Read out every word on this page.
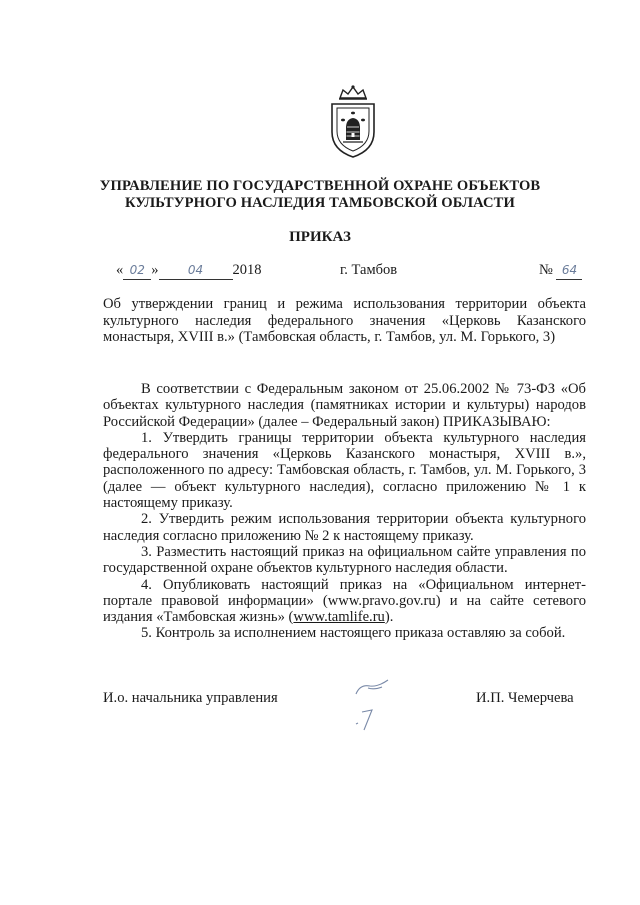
УПРАВЛЕНИЕ ПО ГОСУДАРСТВЕННОЙ ОХРАНЕ ОБЪЕКТОВ
КУЛЬТУРНОГО НАСЛЕДИЯ ТАМБОВСКОЙ ОБЛАСТИ
ПРИКАЗ
« 02 » 04 2018	г. Тамбов	№ 64

Об утверждении границ и режима использования территории объекта культурного наследия федерального значения «Церковь Казанского монастыря, XVIII в.» (Тамбовская область, г. Тамбов, ул. М. Горького, 3)

В соответствии с Федеральным законом от 25.06.2002 № 73-ФЗ «Об объектах культурного наследия (памятниках истории и культуры) народов Российской Федерации» (далее – Федеральный закон) ПРИКАЗЫВАЮ:

1. Утвердить границы территории объекта культурного наследия федерального значения «Церковь Казанского монастыря, XVIII в.», расположенного по адресу: Тамбовская область, г. Тамбов, ул. М. Горького, 3 (далее — объект культурного наследия), согласно приложению № 1 к настоящему приказу.

2. Утвердить режим использования территории объекта культурного наследия согласно приложению № 2 к настоящему приказу.

3. Разместить настоящий приказ на официальном сайте управления по государственной охране объектов культурного наследия области.

4. Опубликовать настоящий приказ на «Официальном интернет-портале правовой информации» (www.pravo.gov.ru) и на сайте сетевого издания «Тамбовская жизнь» (www.tamlife.ru).

5. Контроль за исполнением настоящего приказа оставляю за собой.

И.о. начальника управления	И.П. Чемерчева
